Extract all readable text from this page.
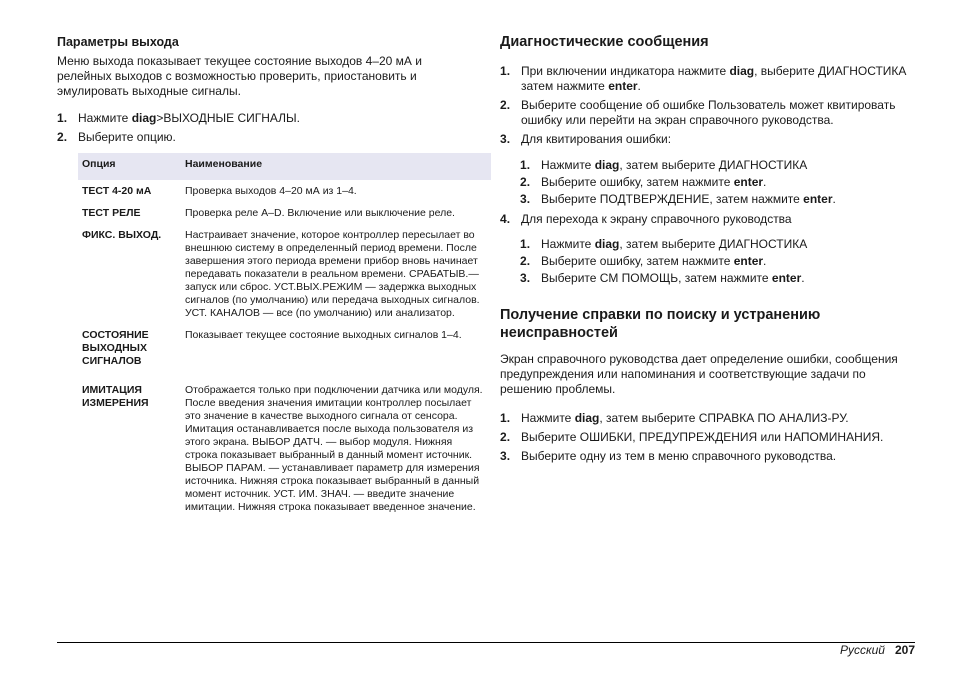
Параметры выхода
Меню выхода показывает текущее состояние выходов 4–20 мА и релейных выходов с возможностью проверить, приостановить и эмулировать выходные сигналы.
1 . Нажмите diag>ВЫХОДНЫЕ СИГНАЛЫ.
2 . Выберите опцию.
Опция	Наименование
ТЕСТ 4-20 мА	Проверка выходов 4–20 мА из 1–4.
ТЕСТ РЕЛЕ	Проверка реле A–D. Включение или выключение реле.
ФИКС. ВЫХОД.	Настраивает значение, которое контроллер пересылает во внешнюю систему в определенный период времени. После завершения этого периода времени прибор вновь начинает передавать показатели в реальном времени. СРАБАТЫВ.— запуск или сброс. УСТ.ВЫХ.РЕЖИМ — задержка выходных сигналов (по умолчанию) или передача выходных сигналов. УСТ. КАНАЛОВ — все (по умолчанию) или анализатор.
СОСТОЯНИЕ ВЫХОДНЫХ СИГНАЛОВ	Показывает текущее состояние выходных сигналов 1–4.
ИМИТАЦИЯ ИЗМЕРЕНИЯ	Отображается только при подключении датчика или модуля. После введения значения имитации контроллер посылает это значение в качестве выходного сигнала от сенсора. Имитация останавливается после выхода пользователя из этого экрана. ВЫБОР ДАТЧ. — выбор модуля. Нижняя строка показывает выбранный в данный момент источник. ВЫБОР ПАРАМ. — устанавливает параметр для измерения источника. Нижняя строка показывает выбранный в данный момент источник. УСТ. ИМ. ЗНАЧ. — введите значение имитации. Нижняя строка показывает введенное значение.
Диагностические сообщения
1 . При включении индикатора нажмите diag, выберите ДИАГНОСТИКА затем нажмите enter.
2 . Выберите сообщение об ошибке Пользователь может квитировать ошибку или перейти на экран справочного руководства.
3 . Для квитирования ошибки:
1 . Нажмите diag, затем выберите ДИАГНОСТИКА
2 . Выберите ошибку, затем нажмите enter.
3 . Выберите ПОДТВЕРЖДЕНИЕ, затем нажмите enter.
4 . Для перехода к экрану справочного руководства
1 . Нажмите diag, затем выберите ДИАГНОСТИКА
2 . Выберите ошибку, затем нажмите enter.
3 . Выберите СМ ПОМОЩЬ, затем нажмите enter.
Получение справки по поиску и устранению неисправностей
Экран справочного руководства дает определение ошибки, сообщения предупреждения или напоминания и соответствующие задачи по решению проблемы.
1 . Нажмите diag, затем выберите СПРАВКА ПО АНАЛИЗ-РУ.
2 . Выберите ОШИБКИ, ПРЕДУПРЕЖДЕНИЯ или НАПОМИНАНИЯ.
3 . Выберите одну из тем в меню справочного руководства.
Русский 207
